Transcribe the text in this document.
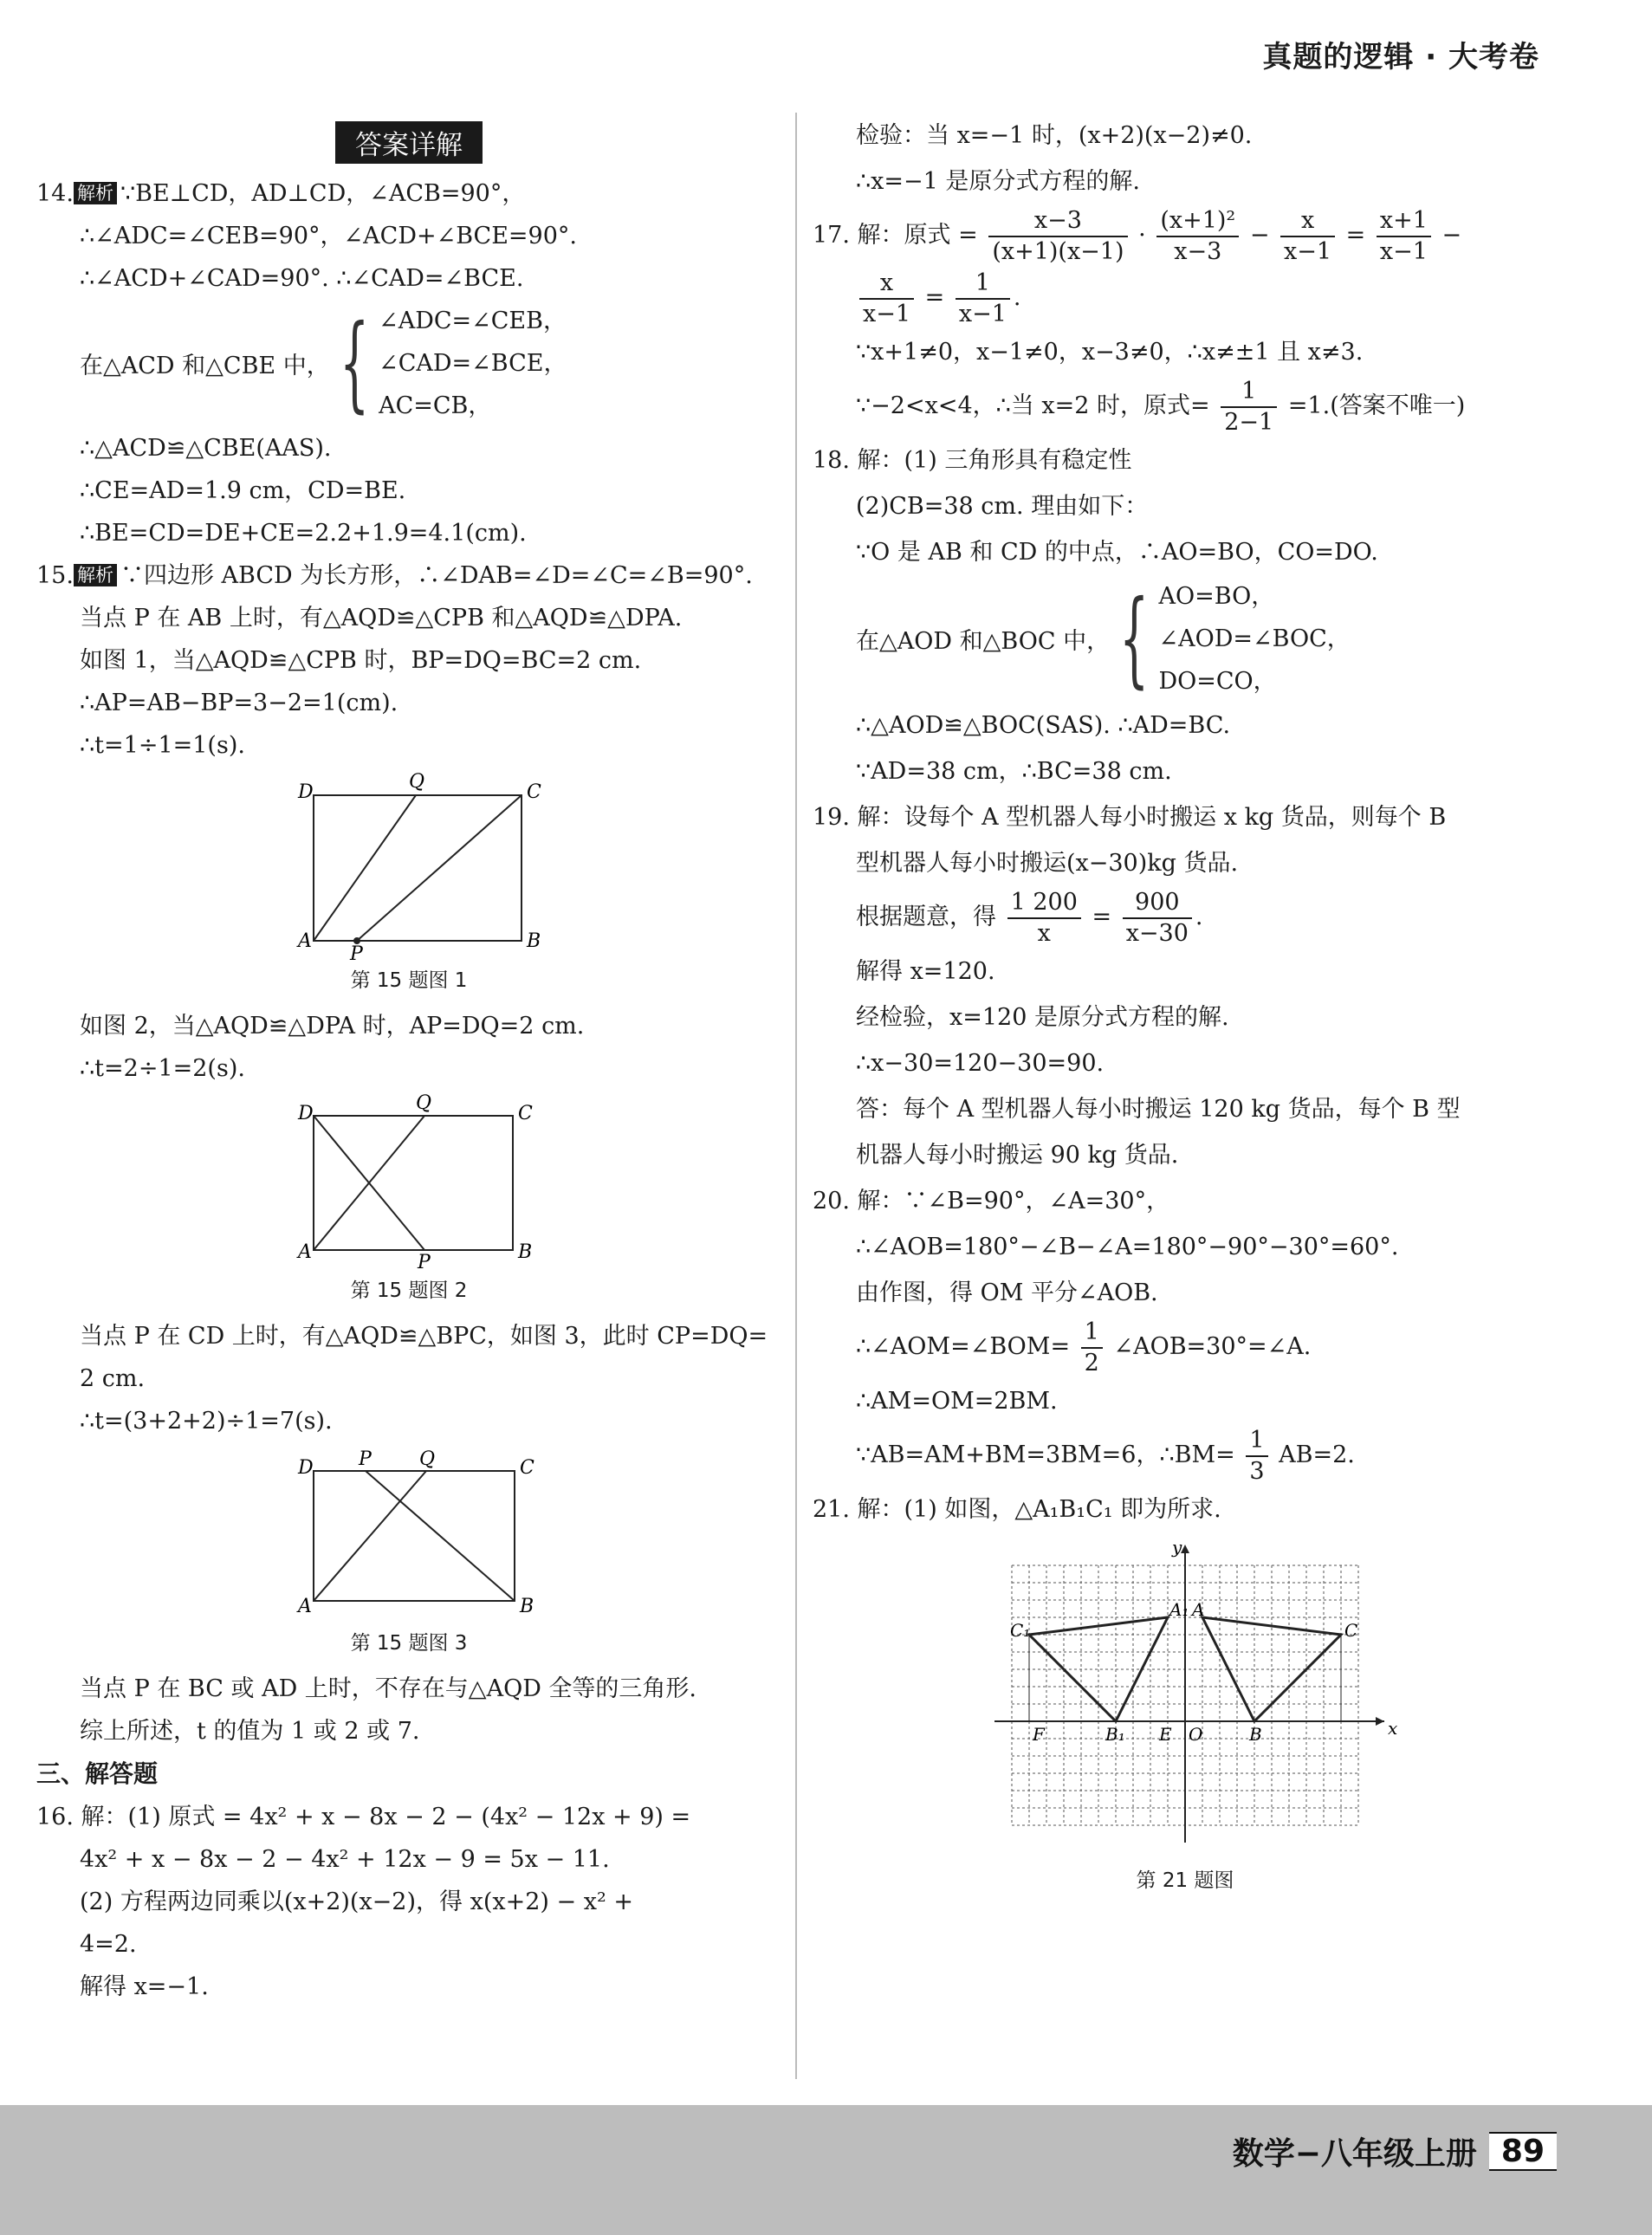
真题的逻辑 · 大考卷
答案详解
14. 解析 ∵BE⊥CD，AD⊥CD，∠ACB=90°，
∴∠ADC=∠CEB=90°，∠ACD+∠BCE=90°.
∴∠ACD+∠CAD=90°. ∴∠CAD=∠BCE.
在△ACD 和△CBE 中， { ∠ADC=∠CEB，
∠CAD=∠BCE，
AC=CB，
∴△ACD≌△CBE(AAS).
∴CE=AD=1.9 cm，CD=BE.
∴BE=CD=DE+CE=2.2+1.9=4.1(cm).
15. 解析 ∵四边形 ABCD 为长方形，∴∠DAB=∠D=∠C=∠B=90°.
当点 P 在 AB 上时，有△AQD≌△CPB 和△AQD≌△DPA.
如图 1，当△AQD≌△CPB 时，BP=DQ=BC=2 cm.
∴AP=AB−BP=3−2=1(cm).
∴t=1÷1=1(s).
D	Q	C
A
P
B
第 15 题图 1
如图 2，当△AQD≌△DPA 时，AP=DQ=2 cm.
∴t=2÷1=2(s).
D	Q	C
A	P	B
第 15 题图 2
当点 P 在 CD 上时，有△AQD≌△BPC，如图 3，此时 CP=DQ=
2 cm.
∴t=(3+2+2)÷1=7(s).
D P	Q	C
A	B
第 15 题图 3
当点 P 在 BC 或 AD 上时，不存在与△AQD 全等的三角形.
综上所述，t 的值为 1 或 2 或 7.
三、解答题
16. 解：(1) 原式 = 4x² + x − 8x − 2 − (4x² − 12x + 9) =
4x² + x − 8x − 2 − 4x² + 12x − 9 = 5x − 11.
(2) 方程两边同乘以(x+2)(x−2)，得 x(x+2) − x² +
4=2.
解得 x=−1.
检验：当 x=−1 时，(x+2)(x−2)≠0.
∴x=−1 是原分式方程的解.
17. 解：原式 = $\frac{x-3}{(x+1)(x-1)} \cdot \frac{\text{(x+1)²}}{x-3} - \frac{x}{x-1} = \frac{x+1}{x-1}$ −
$\frac{x}{x-1} = \frac{1}{x-1}$ .
∵x+1≠0，x−1≠0，x−3≠0，∴x≠±1 且 x≠3.
∵−2<x<4，∴当 x=2 时，原式= $\frac{1}{2-1} =1$.(答案不唯一)
18. 解：(1) 三角形具有稳定性
(2)CB=38 cm. 理由如下：
∵O 是 AB 和 CD 的中点，∴AO=BO，CO=DO.
在△AOD 和△BOC 中， { AO=BO，
∠AOD=∠BOC，
DO=CO，
∴△AOD≌△BOC(SAS). ∴AD=BC.
∵AD=38 cm，∴BC=38 cm.
19. 解：设每个 A 型机器人每小时搬运 x kg 货品，则每个 B
型机器人每小时搬运(x−30)kg 货品.
根据题意，得 $\frac{1 200}{x} = \frac{900}{x-30}$ .
解得 x=120.
经检验，x=120 是原分式方程的解.
∴x−30=120−30=90.
答：每个 A 型机器人每小时搬运 120 kg 货品，每个 B 型
机器人每小时搬运 90 kg 货品.
20. 解：∵∠B=90°，∠A=30°，
∴∠AOB=180°−∠B−∠A=180°−90°−30°=60°.
由作图，得 OM 平分∠AOB.
∴∠AOM=∠BOM= $\frac{1}{2}$ ∠AOB=30°=∠A.
∴AM=OM=2BM.
∵AB=AM+BM=3BM=6，∴BM= $\frac{1}{3} AB=2$.
21. 解：(1) 如图，△A₁B₁C₁ 即为所求.
y
x
O
A₁ A
C₁	C
B₁	B
E
F
第 21 题图
数学−八年级上册 89
